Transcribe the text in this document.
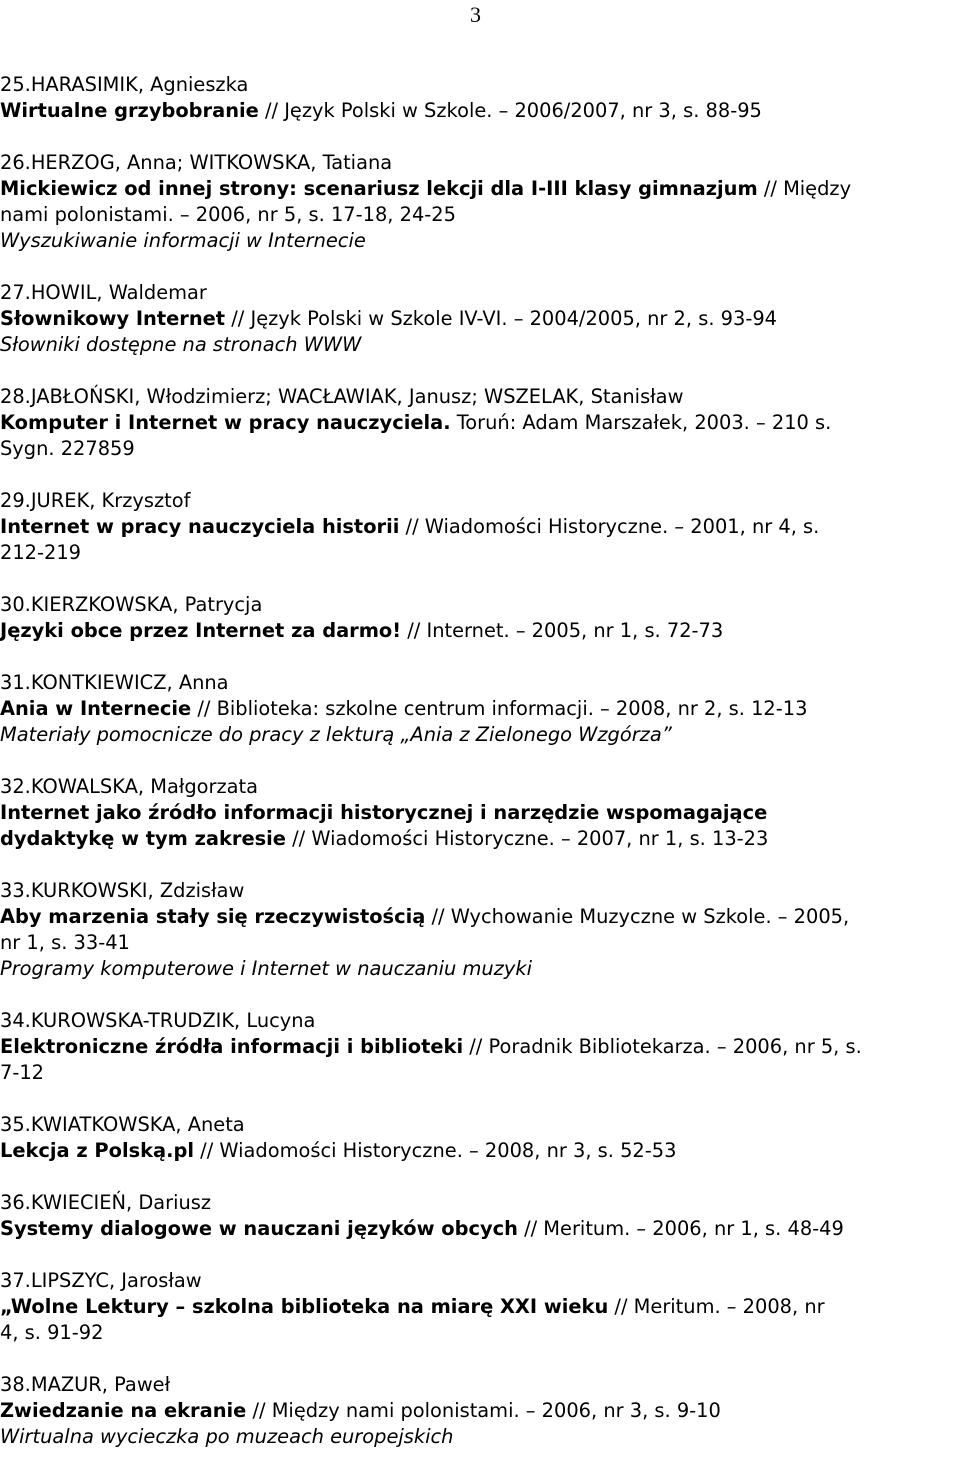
3
25.HARASIMIK, Agnieszka
Wirtualne grzybobranie // Język Polski w Szkole. – 2006/2007, nr 3, s. 88-95
26.HERZOG, Anna; WITKOWSKA, Tatiana
Mickiewicz od innej strony: scenariusz lekcji dla I-III klasy gimnazjum // Między
nami polonistami. – 2006, nr 5, s. 17-18, 24-25
Wyszukiwanie informacji w Internecie
27.HOWIL, Waldemar
Słownikowy Internet // Język Polski w Szkole IV-VI. – 2004/2005, nr 2, s. 93-94
Słowniki dostępne na stronach WWW
28.JABŁOŃSKI, Włodzimierz; WACŁAWIAK, Janusz; WSZELAK, Stanisław
Komputer i Internet w pracy nauczyciela. Toruń: Adam Marszałek, 2003. – 210 s.
Sygn. 227859
29.JUREK, Krzysztof
Internet w pracy nauczyciela historii // Wiadomości Historyczne. – 2001, nr 4, s.
212-219
30.KIERZKOWSKA, Patrycja
Języki obce przez Internet za darmo! // Internet. – 2005, nr 1, s. 72-73
31.KONTKIEWICZ, Anna
Ania w Internecie // Biblioteka: szkolne centrum informacji. – 2008, nr 2, s. 12-13
Materiały pomocnicze do pracy z lekturą „Ania z Zielonego Wzgórza”
32.KOWALSKA, Małgorzata
Internet jako źródło informacji historycznej i narzędzie wspomagające
dydaktykę w tym zakresie // Wiadomości Historyczne. – 2007, nr 1, s. 13-23
33.KURKOWSKI, Zdzisław
Aby marzenia stały się rzeczywistością // Wychowanie Muzyczne w Szkole. – 2005,
nr 1, s. 33-41
Programy komputerowe i Internet w nauczaniu muzyki
34.KUROWSKA-TRUDZIK, Lucyna
Elektroniczne źródła informacji i biblioteki // Poradnik Bibliotekarza. – 2006, nr 5, s.
7-12
35.KWIATKOWSKA, Aneta
Lekcja z Polską.pl // Wiadomości Historyczne. – 2008, nr 3, s. 52-53
36.KWIECIEŃ, Dariusz
Systemy dialogowe w nauczani języków obcych // Meritum. – 2006, nr 1, s. 48-49
37.LIPSZYC, Jarosław
„Wolne Lektury – szkolna biblioteka na miarę XXI wieku // Meritum. – 2008, nr
4, s. 91-92
38.MAZUR, Paweł
Zwiedzanie na ekranie // Między nami polonistami. – 2006, nr 3, s. 9-10
Wirtualna wycieczka po muzeach europejskich
